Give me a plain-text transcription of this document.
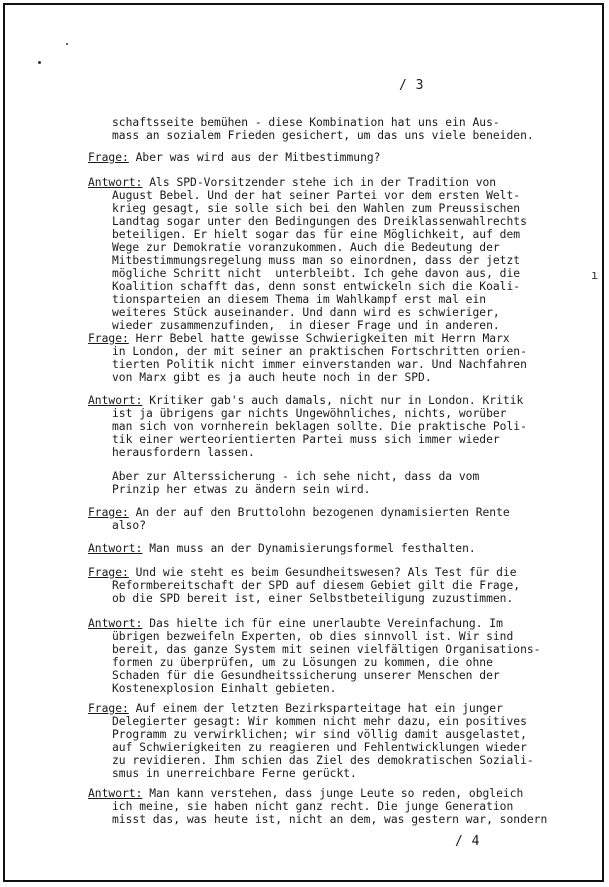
ı
/ 3
schaftsseite bemühen - diese Kombination hat uns ein Aus-
mass an sozialem Frieden gesichert, um das uns viele beneiden.
Frage: Aber was wird aus der Mitbestimmung?
Antwort: Als SPD-Vorsitzender stehe ich in der Tradition von
August Bebel. Und der hat seiner Partei vor dem ersten Welt-
krieg gesagt, sie solle sich bei den Wahlen zum Preussischen
Landtag sogar unter den Bedingungen des Dreiklassenwahlrechts
beteiligen. Er hielt sogar das für eine Möglichkeit, auf dem
Wege zur Demokratie voranzukommen. Auch die Bedeutung der
Mitbestimmungsregelung muss man so einordnen, dass der jetzt
mögliche Schritt nicht  unterbleibt. Ich gehe davon aus, die
Koalition schafft das, denn sonst entwickeln sich die Koali-
tionsparteien an diesem Thema im Wahlkampf erst mal ein
weiteres Stück auseinander. Und dann wird es schwieriger,
wieder zusammenzufinden,  in dieser Frage und in anderen.
Frage: Herr Bebel hatte gewisse Schwierigkeiten mit Herrn Marx
in London, der mit seiner an praktischen Fortschritten orien-
tierten Politik nicht immer einverstanden war. Und Nachfahren
von Marx gibt es ja auch heute noch in der SPD.
Antwort: Kritiker gab's auch damals, nicht nur in London. Kritik
ist ja übrigens gar nichts Ungewöhnliches, nichts, worüber
man sich von vornherein beklagen sollte. Die praktische Poli-
tik einer werteorientierten Partei muss sich immer wieder
herausfordern lassen.
Aber zur Alterssicherung - ich sehe nicht, dass da vom
Prinzip her etwas zu ändern sein wird.
Frage: An der auf den Bruttolohn bezogenen dynamisierten Rente
also?
Antwort: Man muss an der Dynamisierungsformel festhalten.
Frage: Und wie steht es beim Gesundheitswesen? Als Test für die
Reformbereitschaft der SPD auf diesem Gebiet gilt die Frage,
ob die SPD bereit ist, einer Selbstbeteiligung zuzustimmen.
Antwort: Das hielte ich für eine unerlaubte Vereinfachung. Im
übrigen bezweifeln Experten, ob dies sinnvoll ist. Wir sind
bereit, das ganze System mit seinen vielfältigen Organisations-
formen zu überprüfen, um zu Lösungen zu kommen, die ohne
Schaden für die Gesundheitssicherung unserer Menschen der
Kostenexplosion Einhalt gebieten.
Frage: Auf einem der letzten Bezirksparteitage hat ein junger
Delegierter gesagt: Wir kommen nicht mehr dazu, ein positives
Programm zu verwirklichen; wir sind völlig damit ausgelastet,
auf Schwierigkeiten zu reagieren und Fehlentwicklungen wieder
zu revidieren. Ihm schien das Ziel des demokratischen Soziali-
smus in unerreichbare Ferne gerückt.
Antwort: Man kann verstehen, dass junge Leute so reden, obgleich
ich meine, sie haben nicht ganz recht. Die junge Generation
misst das, was heute ist, nicht an dem, was gestern war, sondern
/ 4
